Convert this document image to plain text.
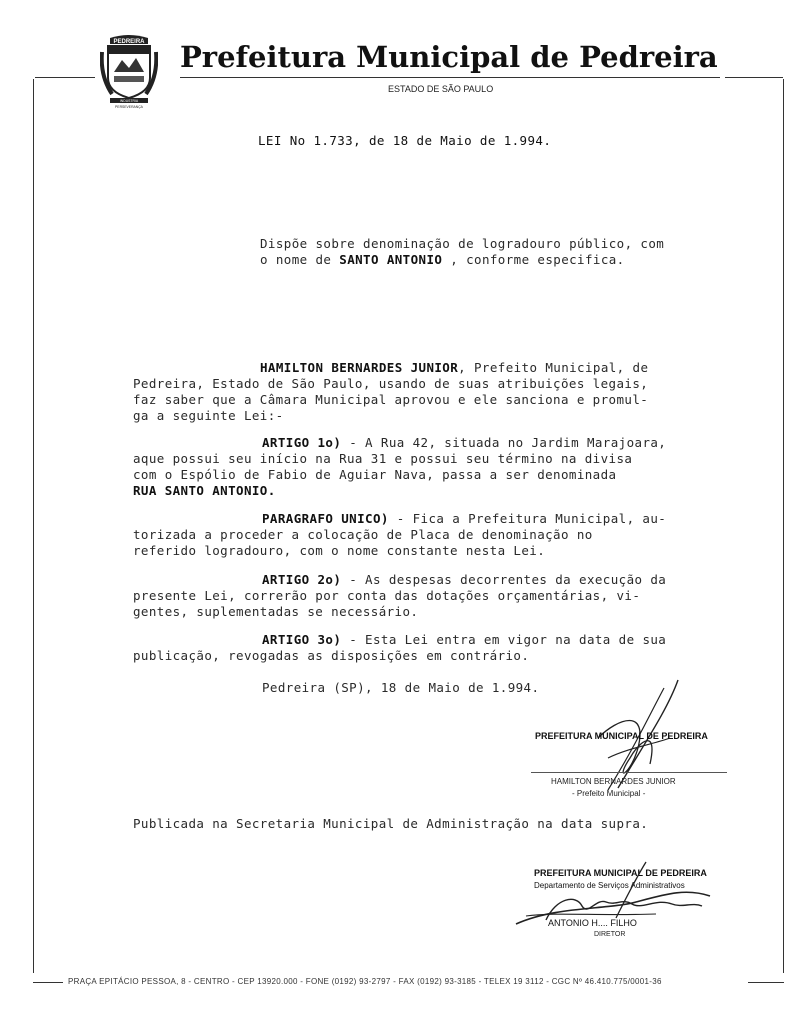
PEDREIRA
INDUSTRIA
PERSEVERANÇA
Prefeitura Municipal de Pedreira
ESTADO DE SÃO PAULO
LEI No 1.733, de 18 de Maio de 1.994.
Dispõe sobre denominação de logradouro público, com
o nome de SANTO ANTONIO , conforme especifica.
HAMILTON BERNARDES JUNIOR, Prefeito Municipal, de
Pedreira, Estado de São Paulo, usando de suas atribuições legais,
faz saber que a Câmara Municipal aprovou e ele sanciona e promul-
ga a seguinte Lei:-
ARTIGO 1o) - A Rua 42, situada no Jardim Marajoara,
aque possui seu início na Rua 31 e possui seu término na divisa
com o Espólio de Fabio de Aguiar Nava, passa a ser denominada
RUA SANTO ANTONIO.
PARAGRAFO UNICO) - Fica a Prefeitura Municipal, au-
torizada a proceder a colocação de Placa de denominação no
referido logradouro, com o nome constante nesta Lei.
ARTIGO 2o) - As despesas decorrentes da execução da
presente Lei, correrão por conta das dotações orçamentárias, vi-
gentes, suplementadas se necessário.
ARTIGO 3o) - Esta Lei entra em vigor na data de sua
publicação, revogadas as disposições em contrário.
Pedreira (SP), 18 de Maio de 1.994.
PREFEITURA MUNICIPAL DE PEDREIRA
HAMILTON BERNARDES JUNIOR
- Prefeito Municipal -
Publicada na Secretaria Municipal de Administração na data supra.
PREFEITURA MUNICIPAL DE PEDREIRA
Departamento de Serviços Administrativos
ANTONIO H.... FILHO
DIRETOR
PRAÇA EPITÁCIO PESSOA, 8 - CENTRO - CEP 13920.000 - FONE (0192) 93-2797 - FAX (0192) 93-3185 - TELEX 19 3112 - CGC Nº 46.410.775/0001-36
